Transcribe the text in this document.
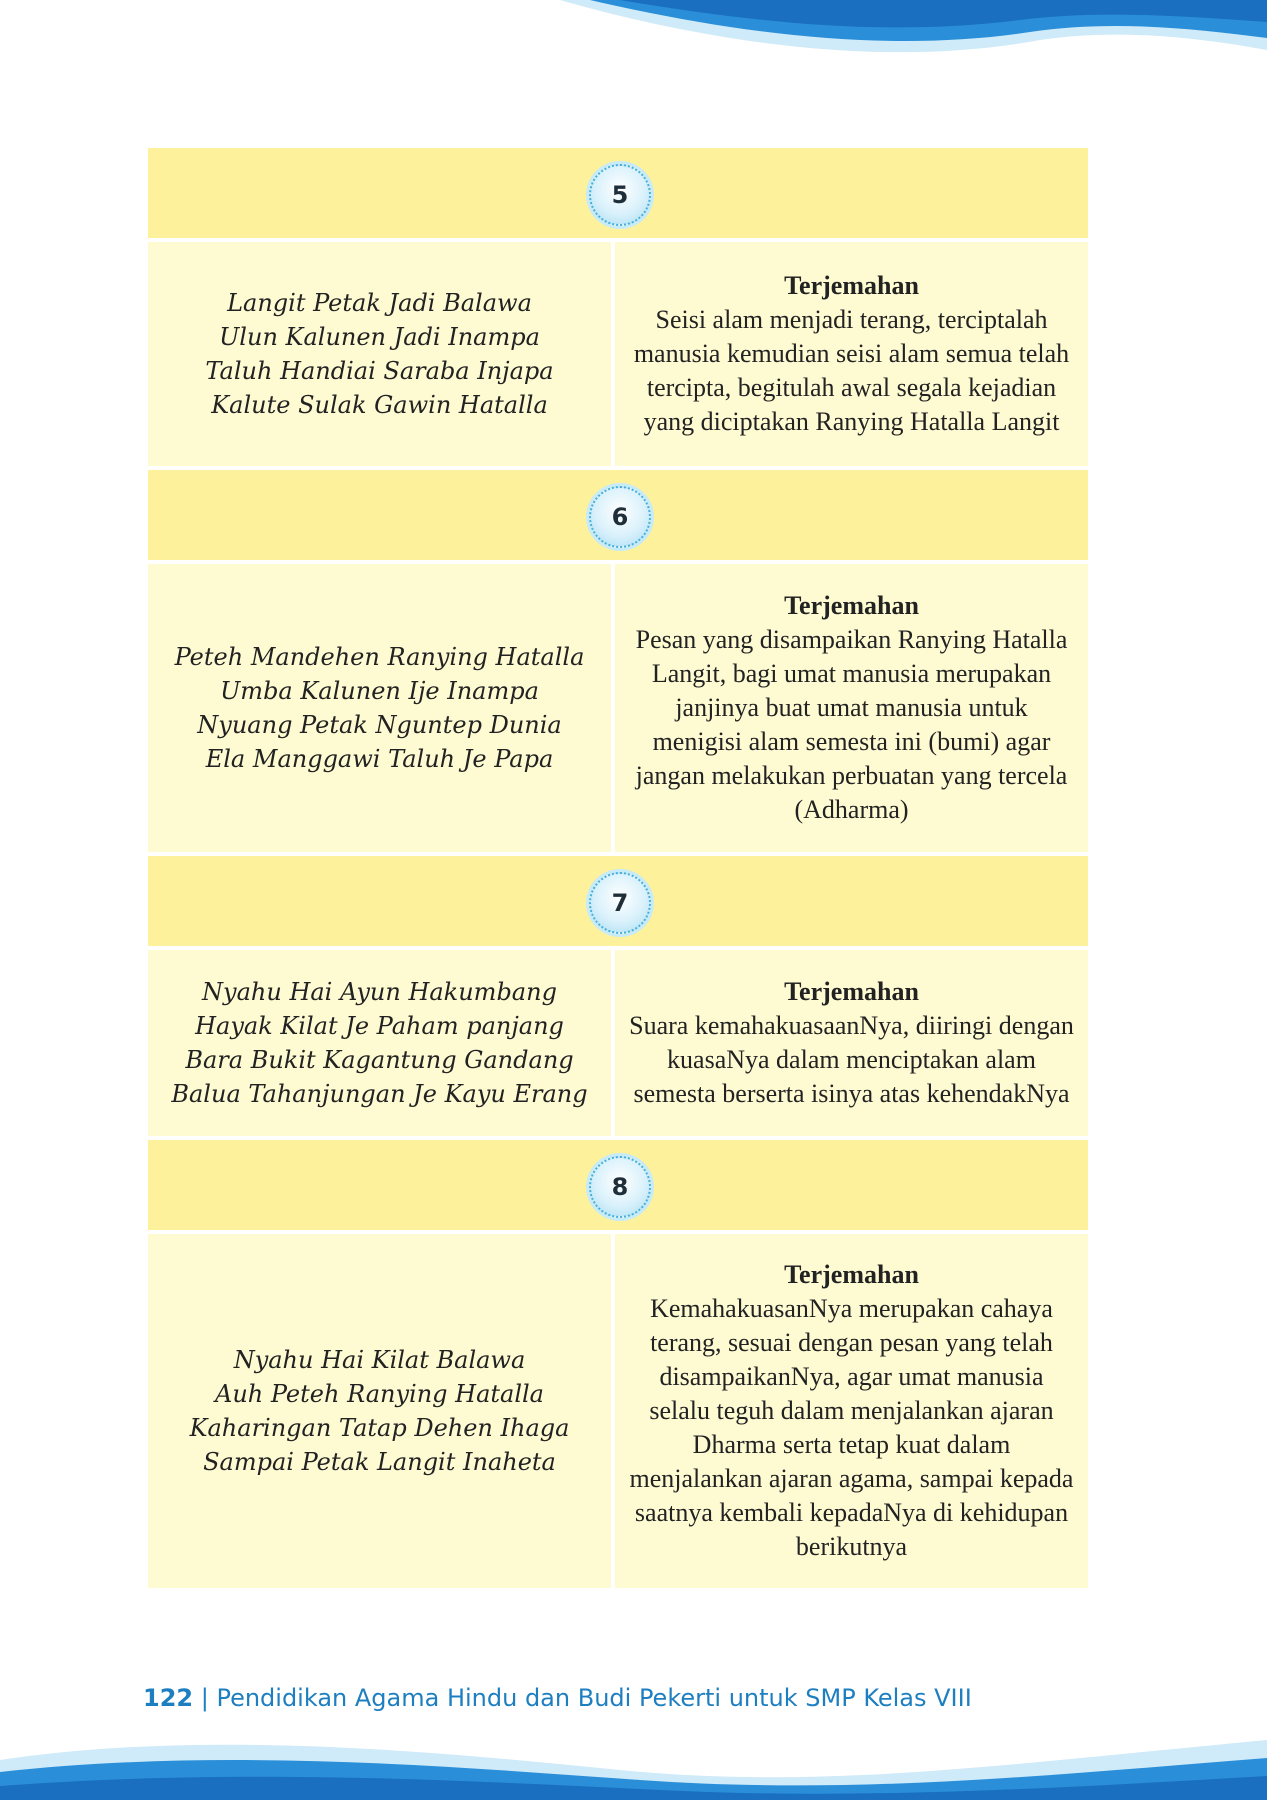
5
Langit Petak Jadi Balawa
Ulun Kalunen Jadi Inampa
Taluh Handiai Saraba Injapa
Kalute Sulak Gawin Hatalla
Terjemahan
Seisi alam menjadi terang, terciptalah manusia kemudian seisi alam semua telah tercipta, begitulah awal segala kejadian yang diciptakan Ranying Hatalla Langit
6
Peteh Mandehen Ranying Hatalla
Umba Kalunen Ije Inampa
Nyuang Petak Nguntep Dunia
Ela Manggawi Taluh Je Papa
Terjemahan
Pesan yang disampaikan Ranying Hatalla Langit, bagi umat manusia merupakan janjinya buat umat manusia untuk menigisi alam semesta ini (bumi) agar jangan melakukan perbuatan yang tercela (Adharma)
7
Nyahu Hai Ayun Hakumbang
Hayak Kilat Je Paham panjang
Bara Bukit Kagantung Gandang
Balua Tahanjungan Je Kayu Erang
Terjemahan
Suara kemahakuasaanNya, diiringi dengan kuasaNya dalam menciptakan alam semesta berserta isinya atas kehendakNya
8
Nyahu Hai Kilat Balawa
Auh Peteh Ranying Hatalla
Kaharingan Tatap Dehen Ihaga
Sampai Petak Langit Inaheta
Terjemahan
KemahakuasanNya merupakan cahaya terang, sesuai dengan pesan yang telah disampaikanNya, agar umat manusia selalu teguh dalam menjalankan ajaran Dharma serta tetap kuat dalam menjalankan ajaran agama, sampai kepada saatnya kembali kepadaNya di kehidupan berikutnya
122 | Pendidikan Agama Hindu dan Budi Pekerti untuk SMP Kelas VIII
